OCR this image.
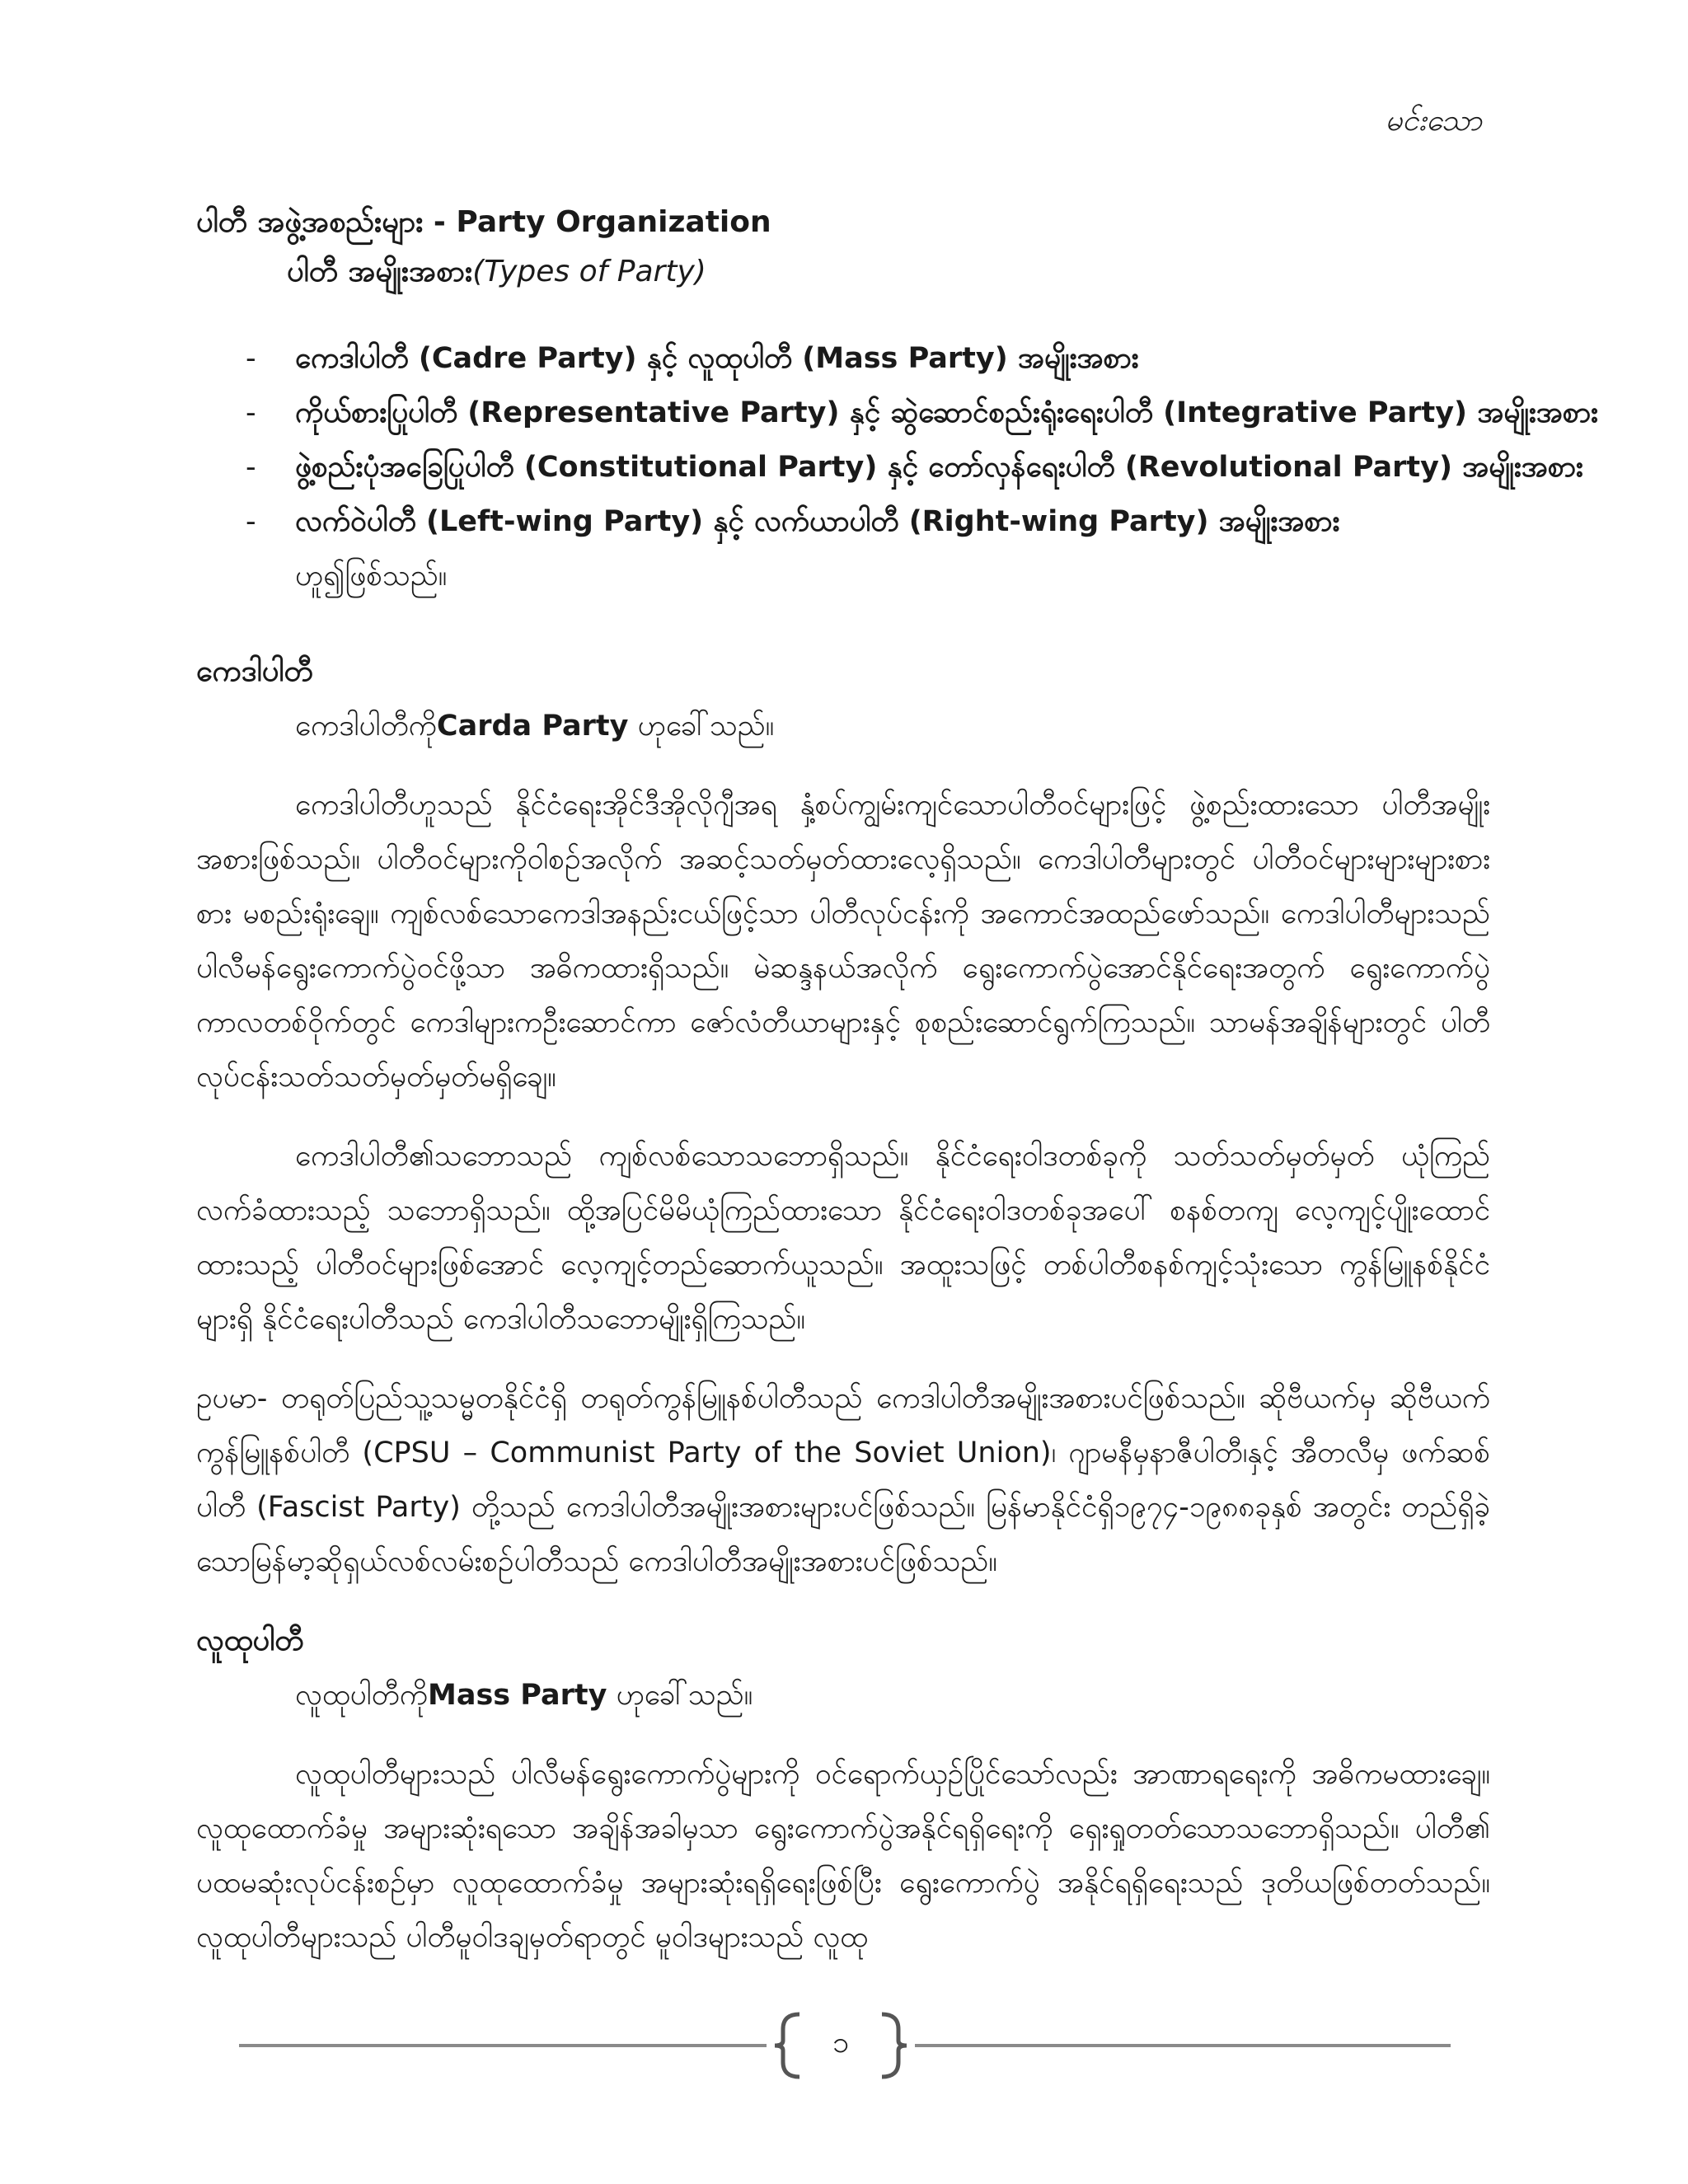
မင်းသော

ပါတီ အဖွဲ့အစည်းများ - Party Organization

ပါတီ အမျိုးအစား(Types of Party)

- ကေဒါပါတီ (Cadre Party) နှင့် လူထုပါတီ (Mass Party) အမျိုးအစား
- ကိုယ်စားပြုပါတီ (Representative Party) နှင့် ဆွဲဆောင်စည်းရုံးရေးပါတီ (Integrative Party) အမျိုးအစား
- ဖွဲ့စည်းပုံအခြေပြုပါတီ (Constitutional Party) နှင့် တော်လှန်ရေးပါတီ (Revolutional Party) အမျိုးအစား
- လက်ဝဲပါတီ (Left-wing Party) နှင့် လက်ယာပါတီ (Right-wing Party) အမျိုးအစား

ဟူ၍ဖြစ်သည်။

ကေဒါပါတီ

ကေဒါပါတီကိုCarda Party ဟုခေါ်သည်။

ကေဒါပါတီဟူသည် နိုင်ငံရေးအိုင်ဒီအိုလိုဂျီအရ နှံ့စပ်ကျွမ်းကျင်သောပါတီဝင်များဖြင့် ဖွဲ့စည်းထားသော ပါတီအမျိုးအစားဖြစ်သည်။ ပါတီဝင်များကိုဝါစဉ်အလိုက် အဆင့်သတ်မှတ်ထားလေ့ရှိသည်။ ကေဒါပါတီများတွင် ပါတီဝင်များများများစားစား မစည်းရုံးချေ။ ကျစ်လစ်သောကေဒါအနည်းငယ်ဖြင့်သာ ပါတီလုပ်ငန်းကို အကောင်အထည်ဖော်သည်။ ကေဒါပါတီများသည် ပါလီမန်ရွေးကောက်ပွဲဝင်ဖို့သာ အဓိကထားရှိသည်။ မဲဆန္ဒနယ်အလိုက် ရွေးကောက်ပွဲအောင်နိုင်ရေးအတွက် ရွေးကောက်ပွဲကာလတစ်ဝိုက်တွင် ကေဒါများကဦးဆောင်ကာ ဇော်လံတီယာများနှင့် စုစည်းဆောင်ရွက်ကြသည်။ သာမန်အချိန်များတွင် ပါတီလုပ်ငန်းသတ်သတ်မှတ်မှတ်မရှိချေ။

ကေဒါပါတီ၏သဘောသည် ကျစ်လစ်သောသဘောရှိသည်။ နိုင်ငံရေးဝါဒတစ်ခုကို သတ်သတ်မှတ်မှတ် ယုံကြည်လက်ခံထားသည့် သဘောရှိသည်။ ထို့အပြင်မိမိယုံကြည်ထားသော နိုင်ငံရေးဝါဒတစ်ခုအပေါ် စနစ်တကျ လေ့ကျင့်ပျိုးထောင်ထားသည့် ပါတီဝင်များဖြစ်အောင် လေ့ကျင့်တည်ဆောက်ယူသည်။ အထူးသဖြင့် တစ်ပါတီစနစ်ကျင့်သုံးသော ကွန်မြူနစ်နိုင်ငံများရှိ နိုင်ငံရေးပါတီသည် ကေဒါပါတီသဘောမျိုးရှိကြသည်။

ဥပမာ- တရုတ်ပြည်သူ့သမ္မတနိုင်ငံရှိ တရုတ်ကွန်မြူနစ်ပါတီသည် ကေဒါပါတီအမျိုးအစားပင်ဖြစ်သည်။ ဆိုဗီယက်မှ ဆိုဗီယက်ကွန်မြူနစ်ပါတီ (CPSU – Communist Party of the Soviet Union)၊ ဂျာမနီမှနာဇီပါတီ၊နှင့် အီတလီမှ ဖက်ဆစ်ပါတီ (Fascist Party) တို့သည် ကေဒါပါတီအမျိုးအစားများပင်ဖြစ်သည်။ မြန်မာနိုင်ငံရှိ၁၉၇၄-၁၉၈၈ခုနှစ် အတွင်း တည်ရှိခဲ့သောမြန်မာ့ဆိုရှယ်လစ်လမ်းစဉ်ပါတီသည် ကေဒါပါတီအမျိုးအစားပင်ဖြစ်သည်။

လူထုပါတီ

လူထုပါတီကိုMass Party ဟုခေါ်သည်။

လူထုပါတီများသည် ပါလီမန်ရွေးကောက်ပွဲများကို ဝင်ရောက်ယှဉ်ပြိုင်သော်လည်း အာဏာရရေးကို အဓိကမထားချေ။ လူထုထောက်ခံမှု အများဆုံးရသော အချိန်အခါမှသာ ရွေးကောက်ပွဲအနိုင်ရရှိရေးကို ရှေးရှုတတ်သောသဘောရှိသည်။ ပါတီ၏ ပထမဆုံးလုပ်ငန်းစဉ်မှာ လူထုထောက်ခံမှု အများဆုံးရရှိရေးဖြစ်ပြီး ရွေးကောက်ပွဲ အနိုင်ရရှိရေးသည် ဒုတိယဖြစ်တတ်သည်။ လူထုပါတီများသည် ပါတီမူဝါဒချမှတ်ရာတွင် မူဝါဒများသည် လူထု

၁
